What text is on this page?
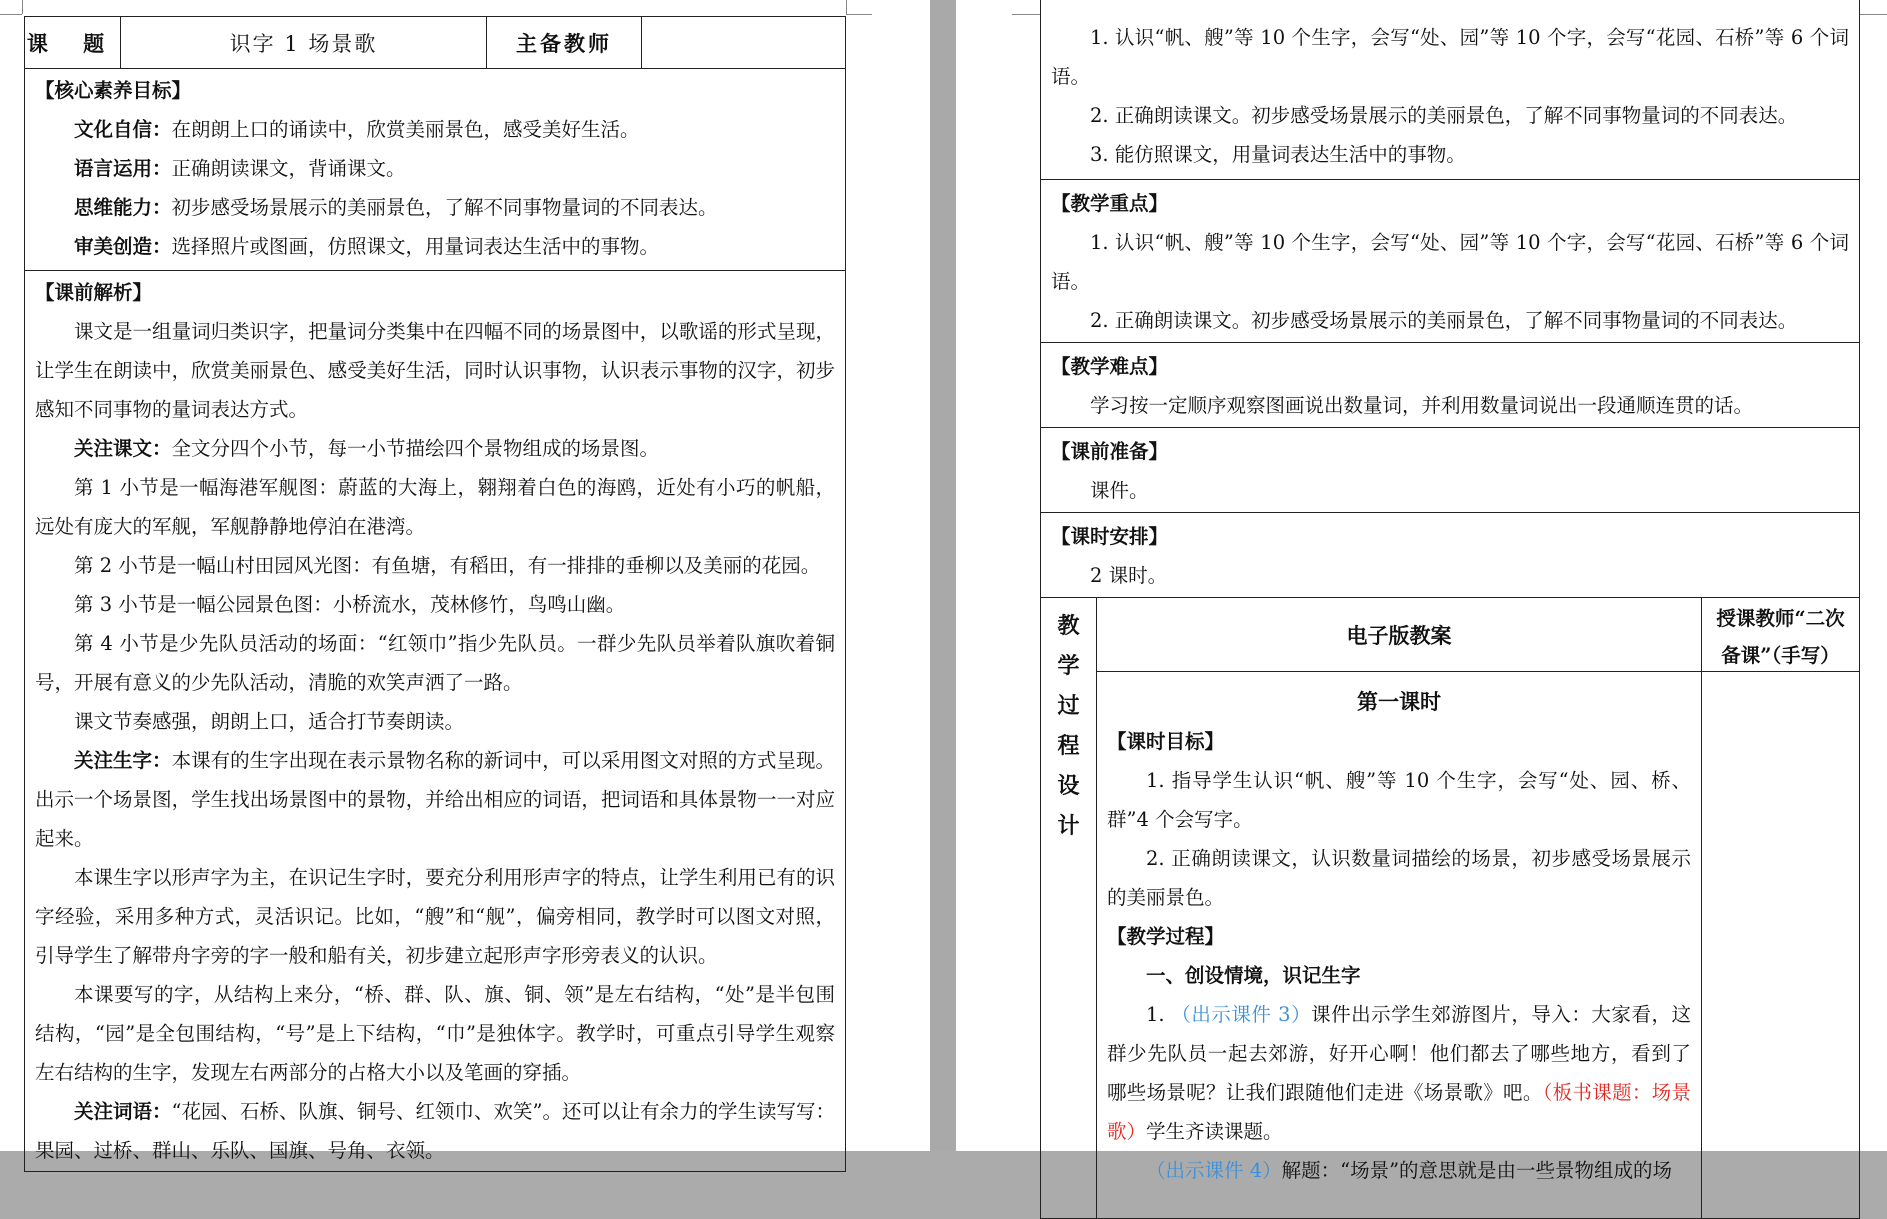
课 题	识字 1 场景歌	主备教师

【核心素养目标】

文化自信：在朗朗上口的诵读中，欣赏美丽景色，感受美好生活。

语言运用：正确朗读课文，背诵课文。

思维能力：初步感受场景展示的美丽景色，了解不同事物量词的不同表达。

审美创造：选择照片或图画，仿照课文，用量词表达生活中的事物。

【课前解析】

课文是一组量词归类识字，把量词分类集中在四幅不同的场景图中，以歌谣的形式呈现，让学生在朗读中，欣赏美丽景色、感受美好生活，同时认识事物，认识表示事物的汉字，初步感知不同事物的量词表达方式。

关注课文：全文分四个小节，每一小节描绘四个景物组成的场景图。

第 1 小节是一幅海港军舰图：蔚蓝的大海上，翱翔着白色的海鸥，近处有小巧的帆船，远处有庞大的军舰，军舰静静地停泊在港湾。

第 2 小节是一幅山村田园风光图：有鱼塘，有稻田，有一排排的垂柳以及美丽的花园。

第 3 小节是一幅公园景色图：小桥流水，茂林修竹，鸟鸣山幽。

第 4 小节是少先队员活动的场面：“红领巾”指少先队员。一群少先队员举着队旗吹着铜号，开展有意义的少先队活动，清脆的欢笑声洒了一路。

课文节奏感强，朗朗上口，适合打节奏朗读。

关注生字：本课有的生字出现在表示景物名称的新词中，可以采用图文对照的方式呈现。出示一个场景图，学生找出场景图中的景物，并给出相应的词语，把词语和具体景物一一对应起来。

本课生字以形声字为主，在识记生字时，要充分利用形声字的特点，让学生利用已有的识字经验，采用多种方式，灵活识记。比如，“艘”和“舰”，偏旁相同，教学时可以图文对照，引导学生了解带舟字旁的字一般和船有关，初步建立起形声字形旁表义的认识。

本课要写的字，从结构上来分，“桥、群、队、旗、铜、领”是左右结构，“处”是半包围结构，“园”是全包围结构，“号”是上下结构，“巾”是独体字。教学时，可重点引导学生观察左右结构的生字，发现左右两部分的占格大小以及笔画的穿插。

关注词语：“花园、石桥、队旗、铜号、红领巾、欢笑”。还可以让有余力的学生读写写：果园、过桥、群山、乐队、国旗、号角、衣领。

1. 认识“帆、艘”等 10 个生字，会写“处、园”等 10 个字，会写“花园、石桥”等 6 个词语。

2. 正确朗读课文。初步感受场景展示的美丽景色，了解不同事物量词的不同表达。

3. 能仿照课文，用量词表达生活中的事物。

【教学重点】

1. 认识“帆、艘”等 10 个生字，会写“处、园”等 10 个字，会写“花园、石桥”等 6 个词语。

2. 正确朗读课文。初步感受场景展示的美丽景色，了解不同事物量词的不同表达。

【教学难点】

学习按一定顺序观察图画说出数量词，并利用数量词说出一段通顺连贯的话。

【课前准备】

课件。

【课时安排】

2 课时。

教
学
过
程
设
计
电子版教案
第一课时

【课时目标】

1. 指导学生认识“帆、艘”等 10 个生字，会写“处、园、桥、群”4 个会写字。

2. 正确朗读课文，认识数量词描绘的场景，初步感受场景展示的美丽景色。

【教学过程】

一、创设情境，识记生字

1. （出示课件 3）课件出示学生郊游图片，导入：大家看，这群少先队员一起去郊游，好开心啊！他们都去了哪些地方，看到了哪些场景呢？让我们跟随他们走进《场景歌》吧。（板书课题：场景歌）学生齐读课题。

（出示课件 4）解题：“场景”的意思就是由一些景物组成的场

授课教师“二次备课”（手写）
